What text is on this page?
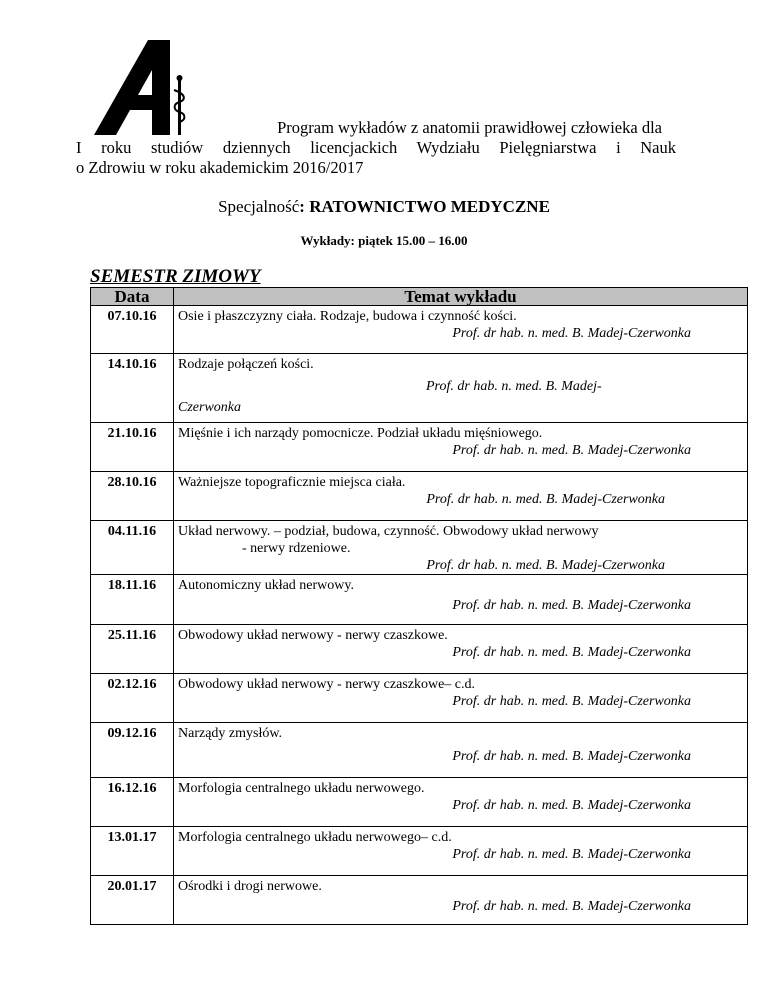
Program wykładów z anatomii prawidłowej człowieka dla
I roku studiów dziennych licencjackich Wydziału Pielęgniarstwa i Nauk
o Zdrowiu w roku akademickim 2016/2017
Specjalność: RATOWNICTWO MEDYCZNE
Wykłady: piątek 15.00 – 16.00
SEMESTR ZIMOWY
Data	Temat wykładu
07.10.16	Osie i płaszczyzny ciała. Rodzaje, budowa i czynność kości.
Prof. dr hab. n. med. B. Madej-Czerwonka

14.10.16	Rodzaje połączeń kości.
Prof. dr hab. n. med. B. Madej-
Czerwonka

21.10.16	Mięśnie i ich narządy pomocnicze. Podział układu mięśniowego.
Prof. dr hab. n. med. B. Madej-Czerwonka

28.10.16	Ważniejsze topograficznie miejsca ciała.
Prof. dr hab. n. med. B. Madej-Czerwonka

04.11.16	Układ nerwowy. – podział, budowa, czynność. Obwodowy układ nerwowy
- nerwy rdzeniowe.
Prof. dr hab. n. med. B. Madej-Czerwonka

18.11.16	Autonomiczny układ nerwowy.
Prof. dr hab. n. med. B. Madej-Czerwonka

25.11.16	Obwodowy układ nerwowy - nerwy czaszkowe.
Prof. dr hab. n. med. B. Madej-Czerwonka

02.12.16	Obwodowy układ nerwowy - nerwy czaszkowe– c.d.
Prof. dr hab. n. med. B. Madej-Czerwonka

09.12.16	Narządy zmysłów.
Prof. dr hab. n. med. B. Madej-Czerwonka

16.12.16	Morfologia centralnego układu nerwowego.
Prof. dr hab. n. med. B. Madej-Czerwonka

13.01.17	Morfologia centralnego układu nerwowego– c.d.
Prof. dr hab. n. med. B. Madej-Czerwonka

20.01.17	Ośrodki i drogi nerwowe.
Prof. dr hab. n. med. B. Madej-Czerwonka
